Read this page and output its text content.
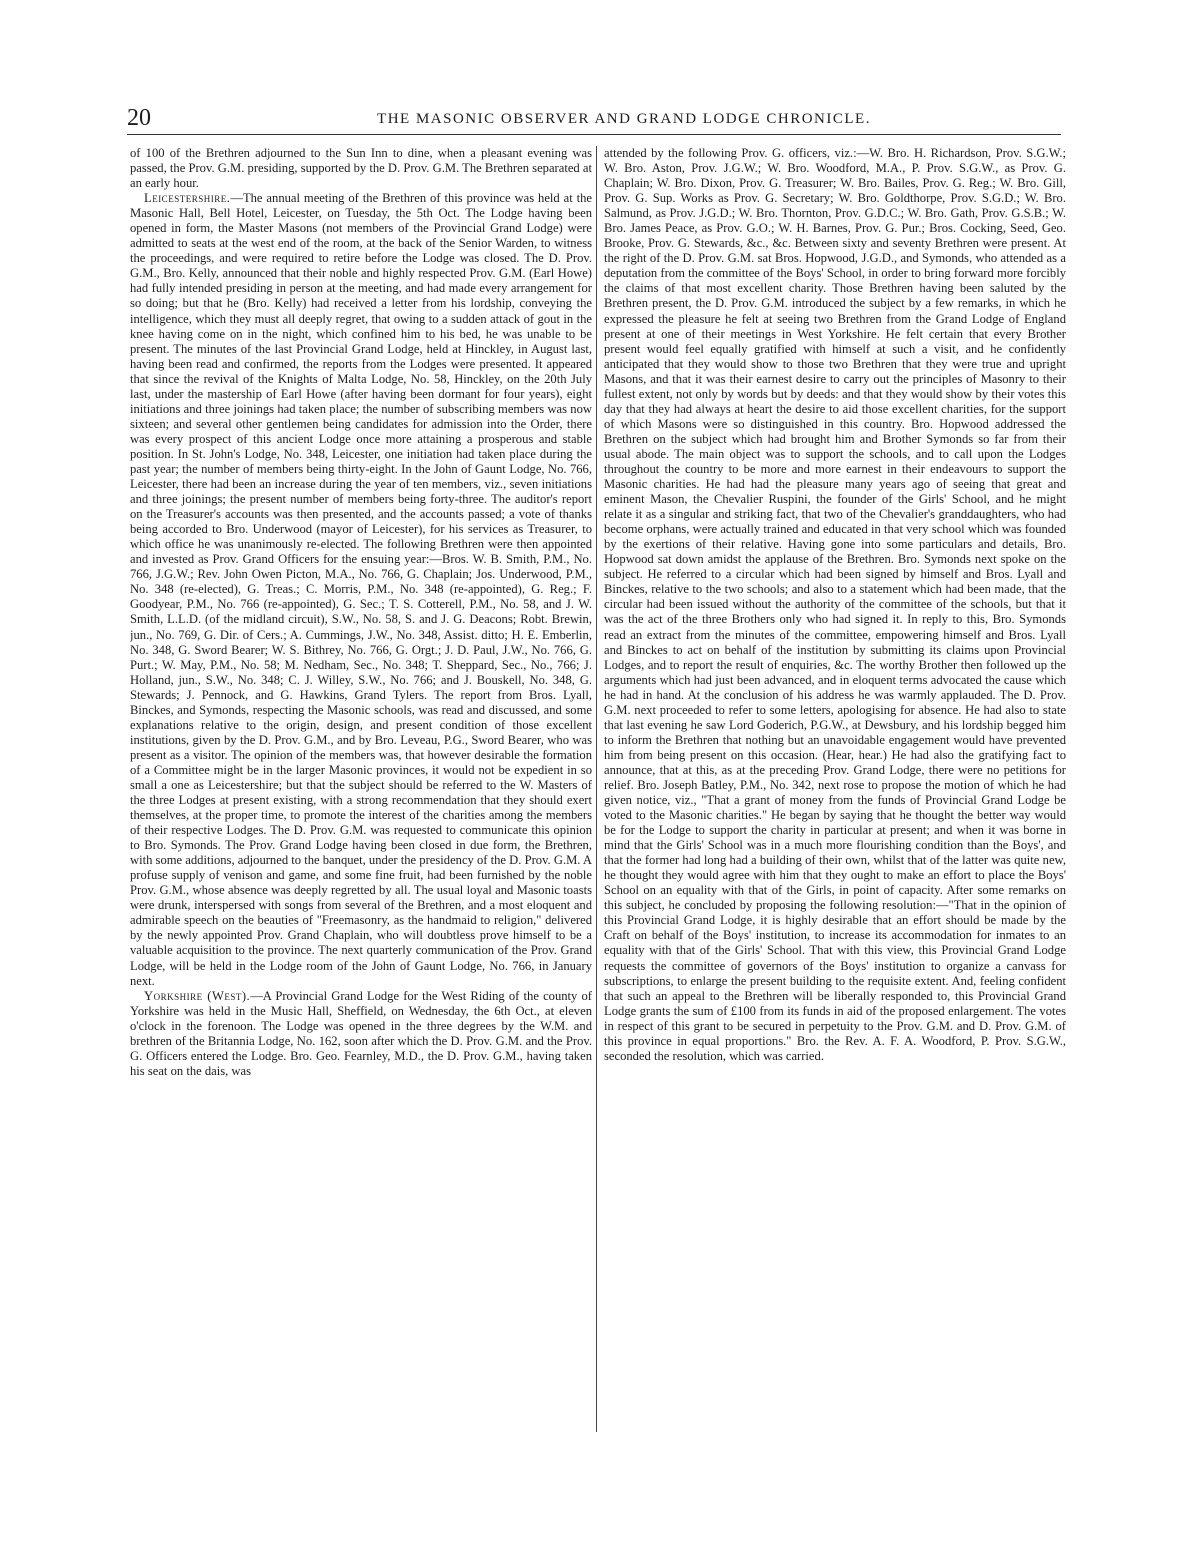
20	THE MASONIC OBSERVER AND GRAND LODGE CHRONICLE.

of 100 of the Brethren adjourned to the Sun Inn to dine, when a pleasant evening was passed, the Prov. G.M. presiding, supported by the D. Prov. G.M. The Brethren separated at an early hour.

Leicestershire.—The annual meeting of the Brethren of this province was held at the Masonic Hall, Bell Hotel, Leicester, on Tuesday, the 5th Oct. The Lodge having been opened in form, the Master Masons (not members of the Provincial Grand Lodge) were admitted to seats at the west end of the room, at the back of the Senior Warden, to witness the proceedings, and were required to retire before the Lodge was closed. The D. Prov. G.M., Bro. Kelly, announced that their noble and highly respected Prov. G.M. (Earl Howe) had fully intended presiding in person at the meeting, and had made every arrangement for so doing; but that he (Bro. Kelly) had received a letter from his lordship, conveying the intelligence, which they must all deeply regret, that owing to a sudden attack of gout in the knee having come on in the night, which confined him to his bed, he was unable to be present. The minutes of the last Provincial Grand Lodge, held at Hinckley, in August last, having been read and confirmed, the reports from the Lodges were presented. It appeared that since the revival of the Knights of Malta Lodge, No. 58, Hinckley, on the 20th July last, under the mastership of Earl Howe (after having been dormant for four years), eight initiations and three joinings had taken place; the number of subscribing members was now sixteen; and several other gentlemen being candidates for admission into the Order, there was every prospect of this ancient Lodge once more attaining a prosperous and stable position. In St. John's Lodge, No. 348, Leicester, one initiation had taken place during the past year; the number of members being thirty-eight. In the John of Gaunt Lodge, No. 766, Leicester, there had been an increase during the year of ten members, viz., seven initiations and three joinings; the present number of members being forty-three. The auditor's report on the Treasurer's accounts was then presented, and the accounts passed; a vote of thanks being accorded to Bro. Underwood (mayor of Leicester), for his services as Treasurer, to which office he was unanimously re-elected. The following Brethren were then appointed and invested as Prov. Grand Officers for the ensuing year:—Bros. W. B. Smith, P.M., No. 766, J.G.W.; Rev. John Owen Picton, M.A., No. 766, G. Chaplain; Jos. Underwood, P.M., No. 348 (re-elected), G. Treas.; C. Morris, P.M., No. 348 (re-appointed), G. Reg.; F. Goodyear, P.M., No. 766 (re-appointed), G. Sec.; T. S. Cotterell, P.M., No. 58, and J. W. Smith, L.L.D. (of the midland circuit), S.W., No. 58, S. and J. G. Deacons; Robt. Brewin, jun., No. 769, G. Dir. of Cers.; A. Cummings, J.W., No. 348, Assist. ditto; H. E. Emberlin, No. 348, G. Sword Bearer; W. S. Bithrey, No. 766, G. Orgt.; J. D. Paul, J.W., No. 766, G. Purt.; W. May, P.M., No. 58; M. Nedham, Sec., No. 348; T. Sheppard, Sec., No., 766; J. Holland, jun., S.W., No. 348; C. J. Willey, S.W., No. 766; and J. Bouskell, No. 348, G. Stewards; J. Pennock, and G. Hawkins, Grand Tylers. The report from Bros. Lyall, Binckes, and Symonds, respecting the Masonic schools, was read and discussed, and some explanations relative to the origin, design, and present condition of those excellent institutions, given by the D. Prov. G.M., and by Bro. Leveau, P.G., Sword Bearer, who was present as a visitor. The opinion of the members was, that however desirable the formation of a Committee might be in the larger Masonic provinces, it would not be expedient in so small a one as Leicestershire; but that the subject should be referred to the W. Masters of the three Lodges at present existing, with a strong recommendation that they should exert themselves, at the proper time, to promote the interest of the charities among the members of their respective Lodges. The D. Prov. G.M. was requested to communicate this opinion to Bro. Symonds. The Prov. Grand Lodge having been closed in due form, the Brethren, with some additions, adjourned to the banquet, under the presidency of the D. Prov. G.M. A profuse supply of venison and game, and some fine fruit, had been furnished by the noble Prov. G.M., whose absence was deeply regretted by all. The usual loyal and Masonic toasts were drunk, interspersed with songs from several of the Brethren, and a most eloquent and admirable speech on the beauties of "Freemasonry, as the handmaid to religion," delivered by the newly appointed Prov. Grand Chaplain, who will doubtless prove himself to be a valuable acquisition to the province. The next quarterly communication of the Prov. Grand Lodge, will be held in the Lodge room of the John of Gaunt Lodge, No. 766, in January next.

Yorkshire (West).—A Provincial Grand Lodge for the West Riding of the county of Yorkshire was held in the Music Hall, Sheffield, on Wednesday, the 6th Oct., at eleven o'clock in the forenoon. The Lodge was opened in the three degrees by the W.M. and brethren of the Britannia Lodge, No. 162, soon after which the D. Prov. G.M. and the Prov. G. Officers entered the Lodge. Bro. Geo. Fearnley, M.D., the D. Prov. G.M., having taken his seat on the dais, was

attended by the following Prov. G. officers, viz.:—W. Bro. H. Richardson, Prov. S.G.W.; W. Bro. Aston, Prov. J.G.W.; W. Bro. Woodford, M.A., P. Prov. S.G.W., as Prov. G. Chaplain; W. Bro. Dixon, Prov. G. Treasurer; W. Bro. Bailes, Prov. G. Reg.; W. Bro. Gill, Prov. G. Sup. Works as Prov. G. Secretary; W. Bro. Goldthorpe, Prov. S.G.D.; W. Bro. Salmund, as Prov. J.G.D.; W. Bro. Thornton, Prov. G.D.C.; W. Bro. Gath, Prov. G.S.B.; W. Bro. James Peace, as Prov. G.O.; W. H. Barnes, Prov. G. Pur.; Bros. Cocking, Seed, Geo. Brooke, Prov. G. Stewards, &c., &c. Between sixty and seventy Brethren were present. At the right of the D. Prov. G.M. sat Bros. Hopwood, J.G.D., and Symonds, who attended as a deputation from the committee of the Boys' School, in order to bring forward more forcibly the claims of that most excellent charity. Those Brethren having been saluted by the Brethren present, the D. Prov. G.M. introduced the subject by a few remarks, in which he expressed the pleasure he felt at seeing two Brethren from the Grand Lodge of England present at one of their meetings in West Yorkshire. He felt certain that every Brother present would feel equally gratified with himself at such a visit, and he confidently anticipated that they would show to those two Brethren that they were true and upright Masons, and that it was their earnest desire to carry out the principles of Masonry to their fullest extent, not only by words but by deeds: and that they would show by their votes this day that they had always at heart the desire to aid those excellent charities, for the support of which Masons were so distinguished in this country. Bro. Hopwood addressed the Brethren on the subject which had brought him and Brother Symonds so far from their usual abode. The main object was to support the schools, and to call upon the Lodges throughout the country to be more and more earnest in their endeavours to support the Masonic charities. He had had the pleasure many years ago of seeing that great and eminent Mason, the Chevalier Ruspini, the founder of the Girls' School, and he might relate it as a singular and striking fact, that two of the Chevalier's granddaughters, who had become orphans, were actually trained and educated in that very school which was founded by the exertions of their relative. Having gone into some particulars and details, Bro. Hopwood sat down amidst the applause of the Brethren. Bro. Symonds next spoke on the subject. He referred to a circular which had been signed by himself and Bros. Lyall and Binckes, relative to the two schools; and also to a statement which had been made, that the circular had been issued without the authority of the committee of the schools, but that it was the act of the three Brothers only who had signed it. In reply to this, Bro. Symonds read an extract from the minutes of the committee, empowering himself and Bros. Lyall and Binckes to act on behalf of the institution by submitting its claims upon Provincial Lodges, and to report the result of enquiries, &c. The worthy Brother then followed up the arguments which had just been advanced, and in eloquent terms advocated the cause which he had in hand. At the conclusion of his address he was warmly applauded. The D. Prov. G.M. next proceeded to refer to some letters, apologising for absence. He had also to state that last evening he saw Lord Goderich, P.G.W., at Dewsbury, and his lordship begged him to inform the Brethren that nothing but an unavoidable engagement would have prevented him from being present on this occasion. (Hear, hear.) He had also the gratifying fact to announce, that at this, as at the preceding Prov. Grand Lodge, there were no petitions for relief. Bro. Joseph Batley, P.M., No. 342, next rose to propose the motion of which he had given notice, viz., "That a grant of money from the funds of Provincial Grand Lodge be voted to the Masonic charities." He began by saying that he thought the better way would be for the Lodge to support the charity in particular at present; and when it was borne in mind that the Girls' School was in a much more flourishing condition than the Boys', and that the former had long had a building of their own, whilst that of the latter was quite new, he thought they would agree with him that they ought to make an effort to place the Boys' School on an equality with that of the Girls, in point of capacity. After some remarks on this subject, he concluded by proposing the following resolution:—"That in the opinion of this Provincial Grand Lodge, it is highly desirable that an effort should be made by the Craft on behalf of the Boys' institution, to increase its accommodation for inmates to an equality with that of the Girls' School. That with this view, this Provincial Grand Lodge requests the committee of governors of the Boys' institution to organize a canvass for subscriptions, to enlarge the present building to the requisite extent. And, feeling confident that such an appeal to the Brethren will be liberally responded to, this Provincial Grand Lodge grants the sum of £100 from its funds in aid of the proposed enlargement. The votes in respect of this grant to be secured in perpetuity to the Prov. G.M. and D. Prov. G.M. of this province in equal proportions." Bro. the Rev. A. F. A. Woodford, P. Prov. S.G.W., seconded the resolution, which was carried.
